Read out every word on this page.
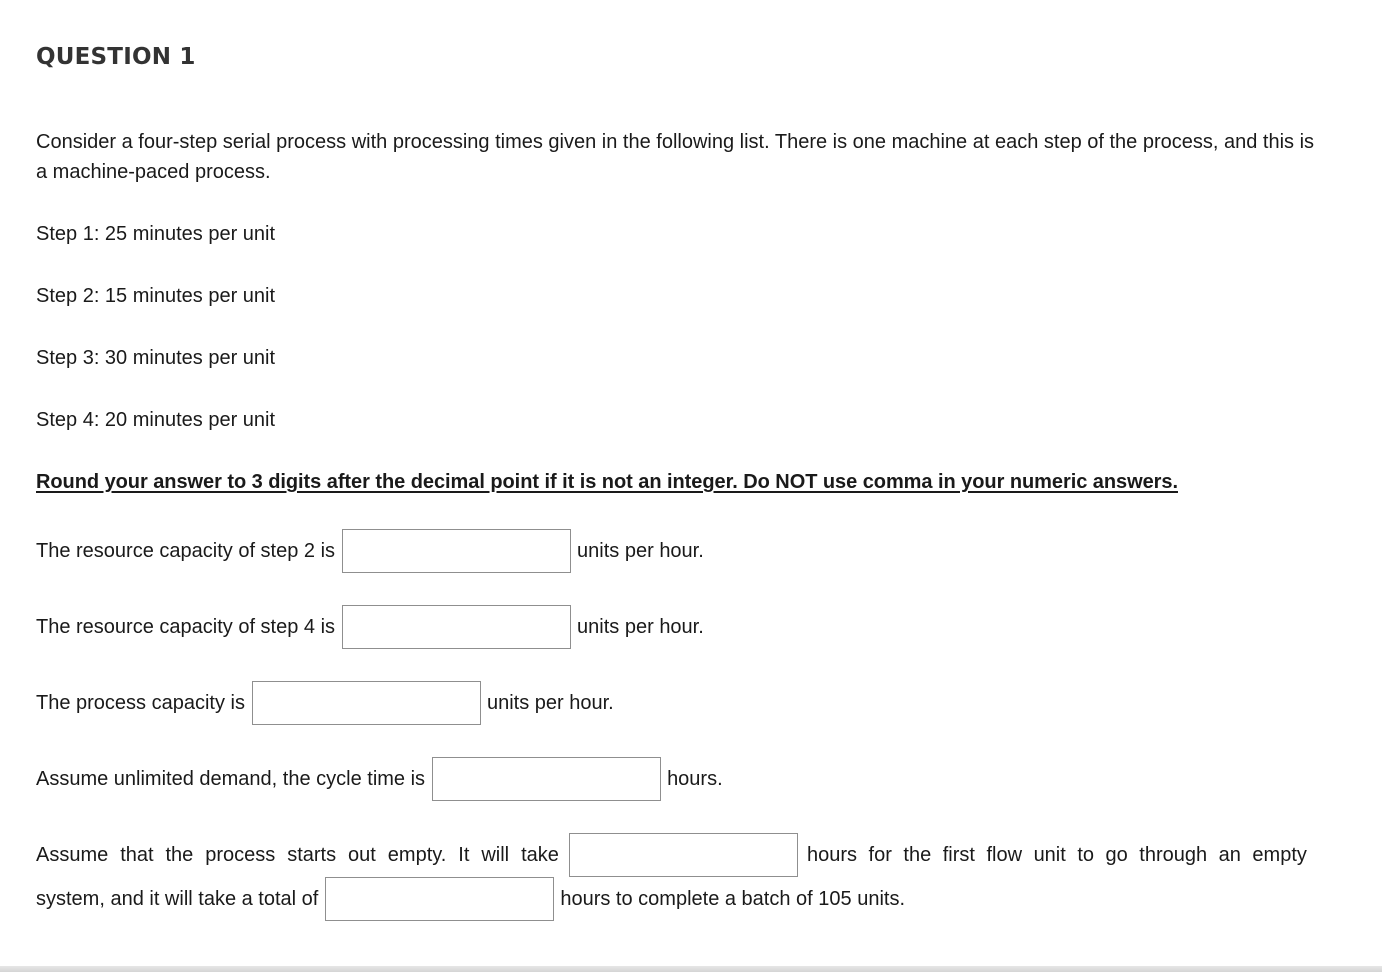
QUESTION 1

Consider a four-step serial process with processing times given in the following list. There is one machine at each step of the process, and this is a machine-paced process.

Step 1: 25 minutes per unit

Step 2: 15 minutes per unit

Step 3: 30 minutes per unit

Step 4: 20 minutes per unit

Round your answer to 3 digits after the decimal point if it is not an integer. Do NOT use comma in your numeric answers.

The resource capacity of step 2 is	units per hour.
The resource capacity of step 4 is	units per hour.
The process capacity is	units per hour.
Assume unlimited demand, the cycle time is	hours.
Assume that the process starts out empty. It will take	hours for the first flow unit to go through an empty
system, and it will take a total of	hours to complete a batch of 105 units.
